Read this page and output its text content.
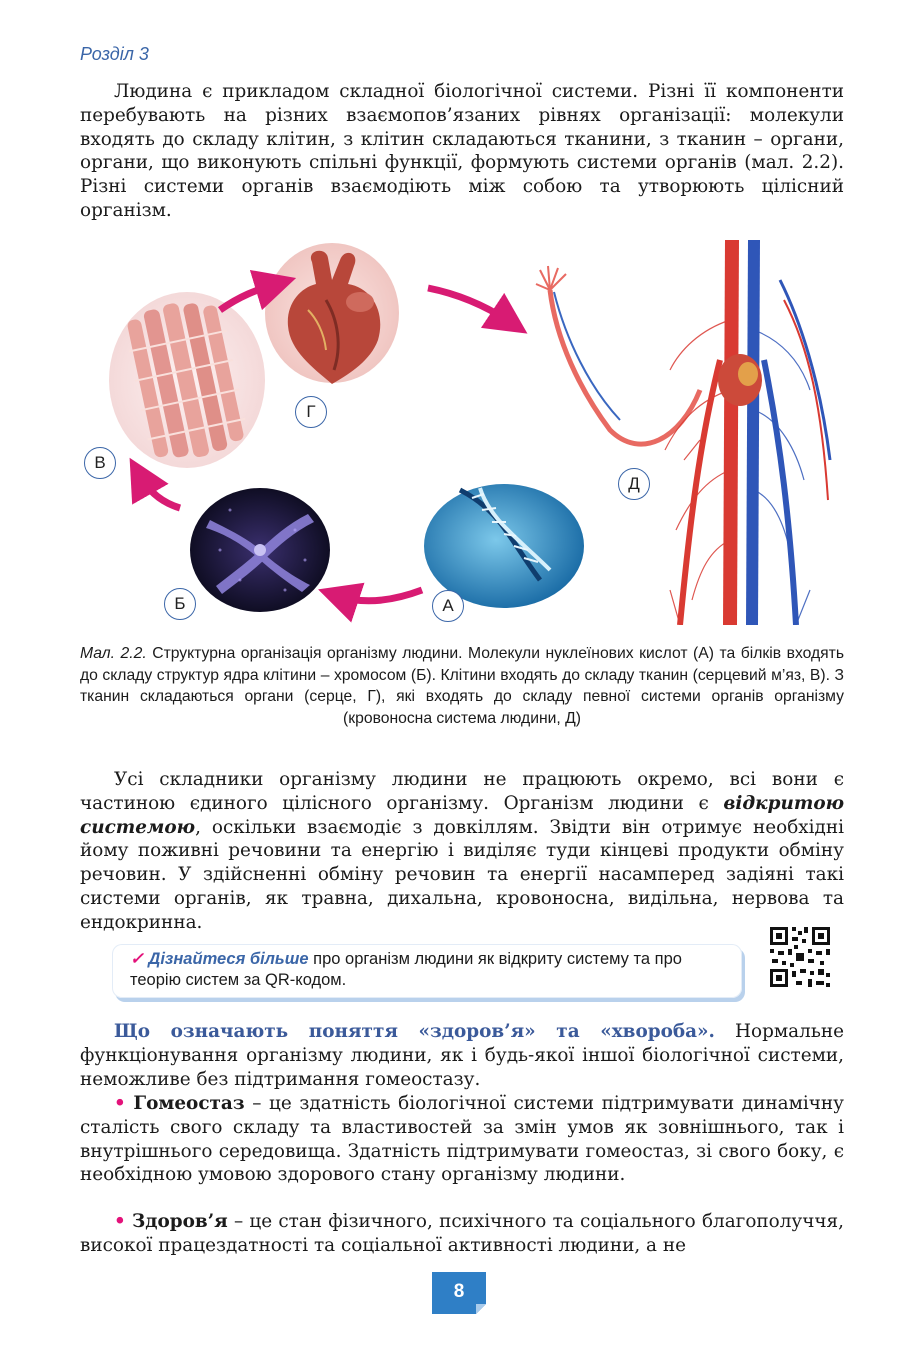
Розділ 3

Людина є прикладом складної біологічної системи. Різні її компоненти перебувають на різних взаємопов’язаних рівнях організації: молекули входять до складу клітин, з клітин складаються тканини, з тканин – органи, органи, що виконують спільні функції, формують системи органів (мал. 2.2). Різні системи органів взаємодіють між собою та утворюють цілісний організм.

В
Г
Б	А
Д

Мал. 2.2. Структурна організація організму людини. Молекули нуклеїнових кислот (А) та білків входять до складу структур ядра клітини – хромосом (Б). Клітини входять до складу тканин (серцевий м’яз, В). З тканин складаються органи (серце, Г), які входять до складу певної системи органів організму (кровоносна система людини, Д)

Усі складники організму людини не працюють окремо, всі вони є частиною єдиного цілісного організму. Організм людини є відкритою системою, оскільки взаємодіє з довкіллям. Звідти він отримує необхідні йому поживні речовини та енергію і виділяє туди кінцеві продукти обміну речовин. У здійсненні обміну речовин та енергії насамперед задіяні такі системи органів, як травна, дихальна, кровоносна, видільна, нервова та ендокринна.

✓ Дізнайтеся більше про організм людини як відкриту систему та про теорію систем за QR-кодом.

Що означають поняття «здоров’я» та «хвороба». Нормальне функціонування організму людини, як і будь-якої іншої біологічної системи, неможливе без підтримання гомеостазу.

• Гомеостаз – це здатність біологічної системи підтримувати динамічну сталість свого складу та властивостей за змін умов як зовнішнього, так і внутрішнього середовища. Здатність підтримувати гомеостаз, зі свого боку, є необхідною умовою здорового стану організму людини.

• Здоров’я – це стан фізичного, психічного та соціального благополуччя, високої працездатності та соціальної активності людини, а не

8
